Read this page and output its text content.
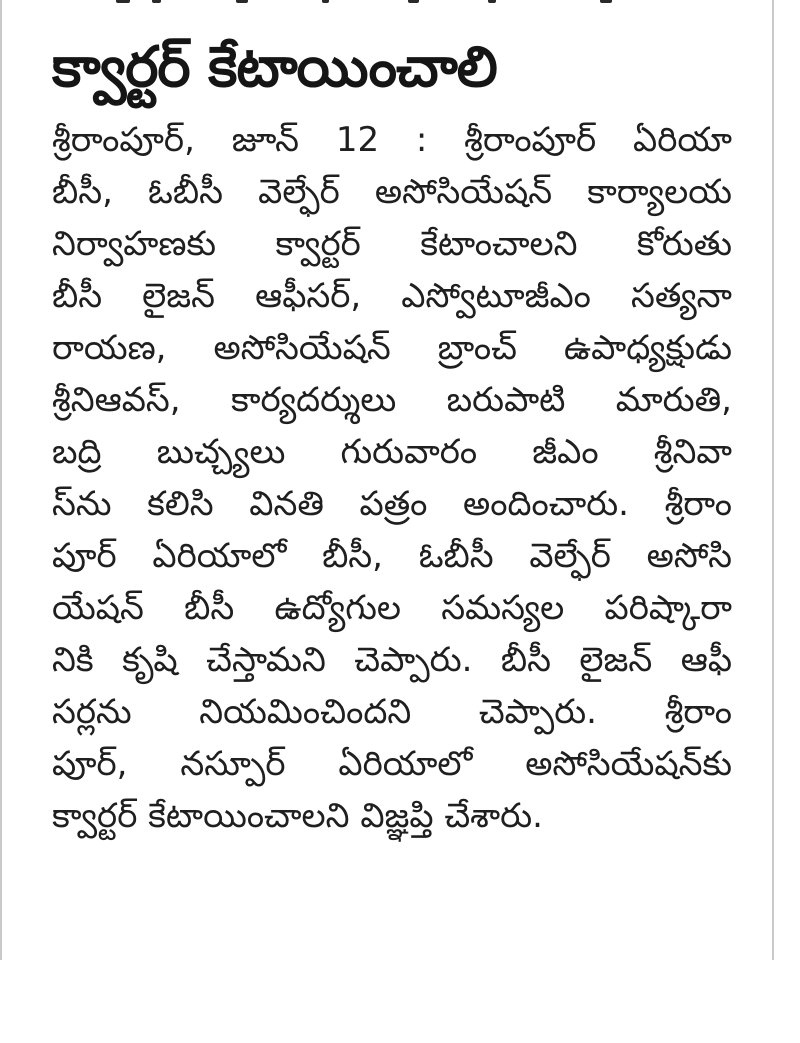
క్వార్టర్ కేటాయించాలి
శ్రీరాంపూర్, జూన్ 12 : శ్రీరాంపూర్ ఏరియా
బీసీ, ఓబీసీ వెల్ఫేర్ అసోసియేషన్ కార్యాలయ
నిర్వాహణకు క్వార్టర్ కేటాంచాలని కోరుతు
బీసీ లైజన్ ఆఫీసర్, ఎస్వోటూజీఎం సత్యనా
రాయణ, అసోసియేషన్ బ్రాంచ్ ఉపాధ్యక్షుడు
శ్రీనిఆవస్, కార్యదర్శులు బరుపాటి మారుతి,
బద్రి బుచ్చ్యలు గురువారం జీఎం శ్రీనివా
స్‌ను కలిసి వినతి పత్రం అందించారు. శ్రీరాం
పూర్ ఏరియాలో బీసీ, ఓబీసీ వెల్ఫేర్ అసోసి
యేషన్ బీసీ ఉద్యోగుల సమస్యల పరిష్కారా
నికి కృషి చేస్తామని చెప్పారు. బీసీ లైజన్ ఆఫీ
సర్లను నియమించిందని చెప్పారు. శ్రీరాం
పూర్, నస్పూర్ ఏరియాలో అసోసియేషన్‌కు
క్వార్టర్ కేటాయించాలని విజ్ఞప్తి చేశారు.
